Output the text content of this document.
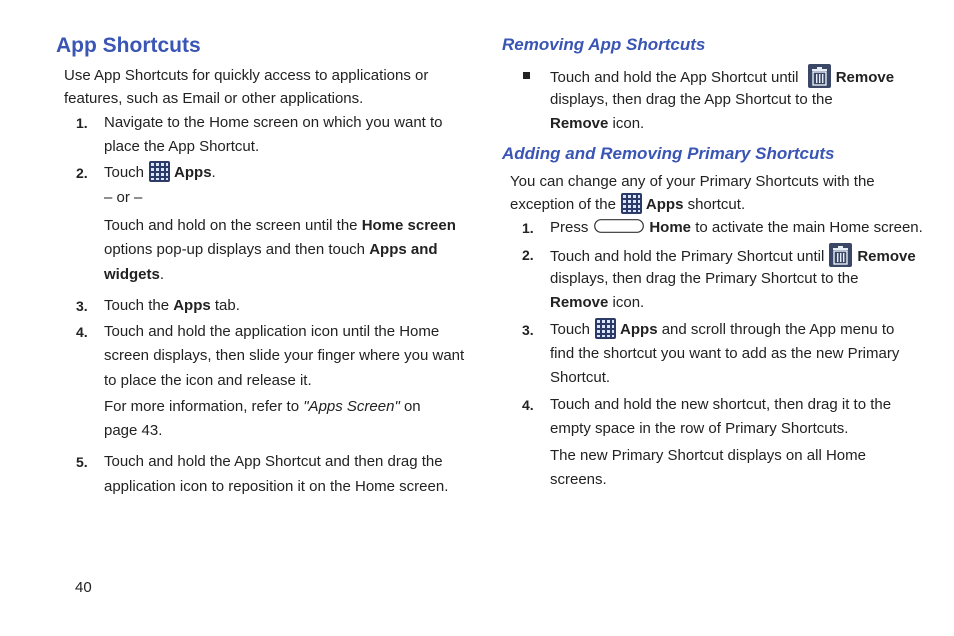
App Shortcuts

Use App Shortcuts for quickly access to applications or

features, such as Email or other applications.

1. Navigate to the Home screen on which you want to

place the App Shortcut.

2. Touch Apps.

– or –

Touch and hold on the screen until the Home screen

options pop-up displays and then touch Apps and

widgets.

3. Touch the Apps tab.

4. Touch and hold the application icon until the Home

screen displays, then slide your finger where you want

to place the icon and release it.

For more information, refer to "Apps Screen" on

page 43.

5. Touch and hold the App Shortcut and then drag the

application icon to reposition it on the Home screen.

Removing App Shortcuts

Touch and hold the App Shortcut until
Remove

displays, then drag the App Shortcut to the

Remove icon.

Adding and Removing Primary Shortcuts

You can change any of your Primary Shortcuts with the

exception of the Apps shortcut.

1. Press	Home to activate the main Home screen.

2. Touch and hold the Primary Shortcut until Remove

displays, then drag the Primary Shortcut to the

Remove icon.

3. Touch Apps and scroll through the App menu to

find the shortcut you want to add as the new Primary

Shortcut.

4. Touch and hold the new shortcut, then drag it to the

empty space in the row of Primary Shortcuts.

The new Primary Shortcut displays on all Home

screens.

40
